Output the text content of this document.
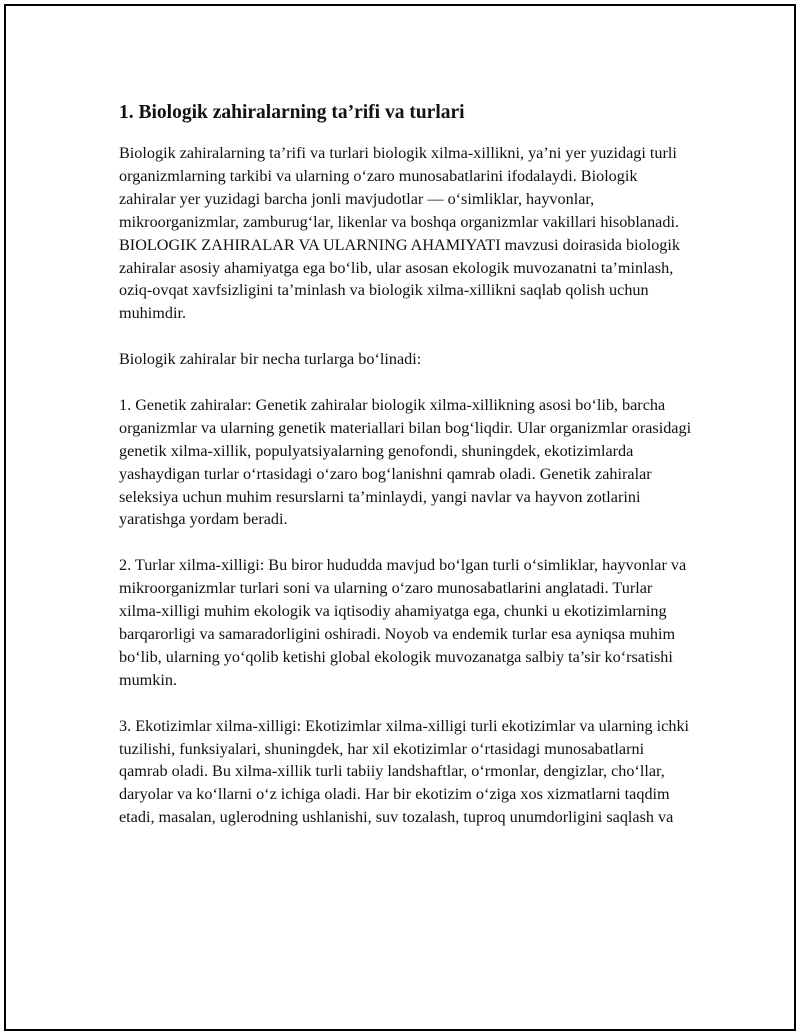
1. Biologik zahiralarning ta’rifi va turlari

Biologik zahiralarning ta’rifi va turlari biologik xilma-xillikni, ya’ni yer yuzidagi turli organizmlarning tarkibi va ularning o‘zaro munosabatlarini ifodalaydi. Biologik zahiralar yer yuzidagi barcha jonli mavjudotlar — o‘simliklar, hayvonlar, mikroorganizmlar, zamburug‘lar, likenlar va boshqa organizmlar vakillari hisoblanadi. BIOLOGIK ZAHIRALAR VA ULARNING AHAMIYATI mavzusi doirasida biologik zahiralar asosiy ahamiyatga ega bo‘lib, ular asosan ekologik muvozanatni ta’minlash, oziq-ovqat xavfsizligini ta’minlash va biologik xilma-xillikni saqlab qolish uchun muhimdir.

Biologik zahiralar bir necha turlarga bo‘linadi:

1. Genetik zahiralar: Genetik zahiralar biologik xilma-xillikning asosi bo‘lib, barcha organizmlar va ularning genetik materiallari bilan bog‘liqdir. Ular organizmlar orasidagi genetik xilma-xillik, populyatsiyalarning genofondi, shuningdek, ekotizimlarda yashaydigan turlar o‘rtasidagi o‘zaro bog‘lanishni qamrab oladi. Genetik zahiralar seleksiya uchun muhim resurslarni ta’minlaydi, yangi navlar va hayvon zotlarini yaratishga yordam beradi.

2. Turlar xilma-xilligi: Bu biror hududda mavjud bo‘lgan turli o‘simliklar, hayvonlar va mikroorganizmlar turlari soni va ularning o‘zaro munosabatlarini anglatadi. Turlar xilma-xilligi muhim ekologik va iqtisodiy ahamiyatga ega, chunki u ekotizimlarning barqarorligi va samaradorligini oshiradi. Noyob va endemik turlar esa ayniqsa muhim bo‘lib, ularning yo‘qolib ketishi global ekologik muvozanatga salbiy ta’sir ko‘rsatishi mumkin.

3. Ekotizimlar xilma-xilligi: Ekotizimlar xilma-xilligi turli ekotizimlar va ularning ichki tuzilishi, funksiyalari, shuningdek, har xil ekotizimlar o‘rtasidagi munosabatlarni qamrab oladi. Bu xilma-xillik turli tabiiy landshaftlar, o‘rmonlar, dengizlar, cho‘llar, daryolar va ko‘llarni o‘z ichiga oladi. Har bir ekotizim o‘ziga xos xizmatlarni taqdim etadi, masalan, uglerodning ushlanishi, suv tozalash, tuproq unumdorligini saqlash va
